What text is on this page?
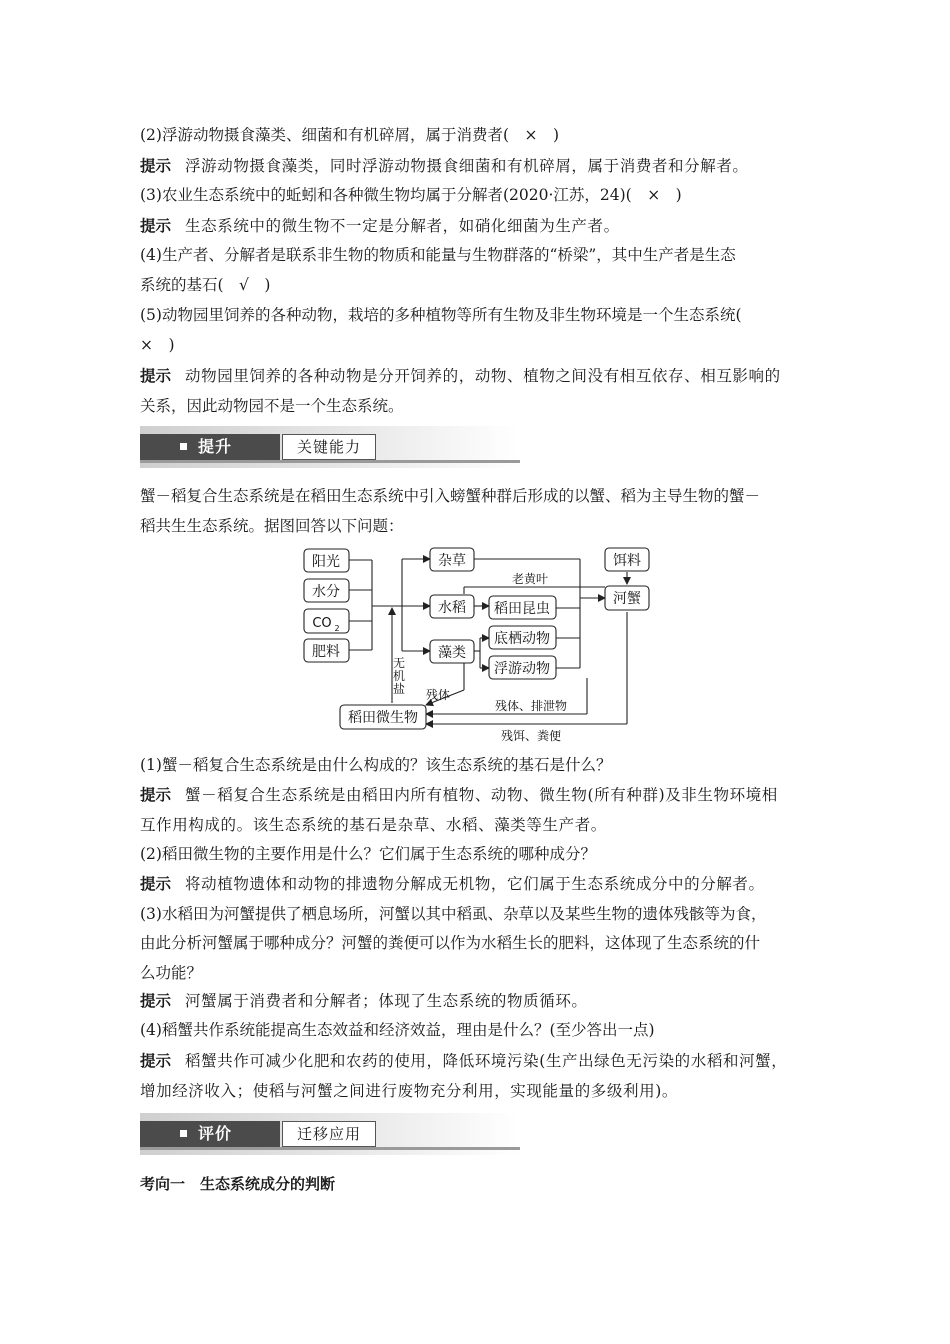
(2)浮游动物摄食藻类、细菌和有机碎屑，属于消费者(　×　)
提示 浮游动物摄食藻类，同时浮游动物摄食细菌和有机碎屑，属于消费者和分解者。
(3)农业生态系统中的蚯蚓和各种微生物均属于分解者(2020·江苏，24)(　×　)
提示 生态系统中的微生物不一定是分解者，如硝化细菌为生产者。
(4)生产者、分解者是联系非生物的物质和能量与生物群落的“桥梁”，其中生产者是生态
系统的基石(　√　)
(5)动物园里饲养的各种动物，栽培的多种植物等所有生物及非生物环境是一个生态系统(
×　)
提示 动物园里饲养的各种动物是分开饲养的，动物、植物之间没有相互依存、相互影响的
关系，因此动物园不是一个生态系统。
提升	关键能力
蟹－稻复合生态系统是在稻田生态系统中引入螃蟹种群后形成的以蟹、稻为主导生物的蟹－
稻共生生态系统。据图回答以下问题：
阳光
水分
CO 2
肥料
杂草
水稻
藻类
稻田昆虫
底栖动物
浮游动物
饵料
河蟹
稻田微生物
老黄叶
无
机
盐 残体
残体、排泄物
残饵、粪便
(1)蟹－稻复合生态系统是由什么构成的？该生态系统的基石是什么？
提示 蟹－稻复合生态系统是由稻田内所有植物、动物、微生物(所有种群)及非生物环境相
互作用构成的。该生态系统的基石是杂草、水稻、藻类等生产者。
(2)稻田微生物的主要作用是什么？它们属于生态系统的哪种成分？
提示 将动植物遗体和动物的排遗物分解成无机物，它们属于生态系统成分中的分解者。
(3)水稻田为河蟹提供了栖息场所，河蟹以其中稻虱、杂草以及某些生物的遗体残骸等为食，
由此分析河蟹属于哪种成分？河蟹的粪便可以作为水稻生长的肥料，这体现了生态系统的什
么功能？
提示 河蟹属于消费者和分解者；体现了生态系统的物质循环。
(4)稻蟹共作系统能提高生态效益和经济效益，理由是什么？(至少答出一点)
提示 稻蟹共作可减少化肥和农药的使用，降低环境污染(生产出绿色无污染的水稻和河蟹，
增加经济收入；使稻与河蟹之间进行废物充分利用，实现能量的多级利用)。
评价	迁移应用
考向一　生态系统成分的判断
